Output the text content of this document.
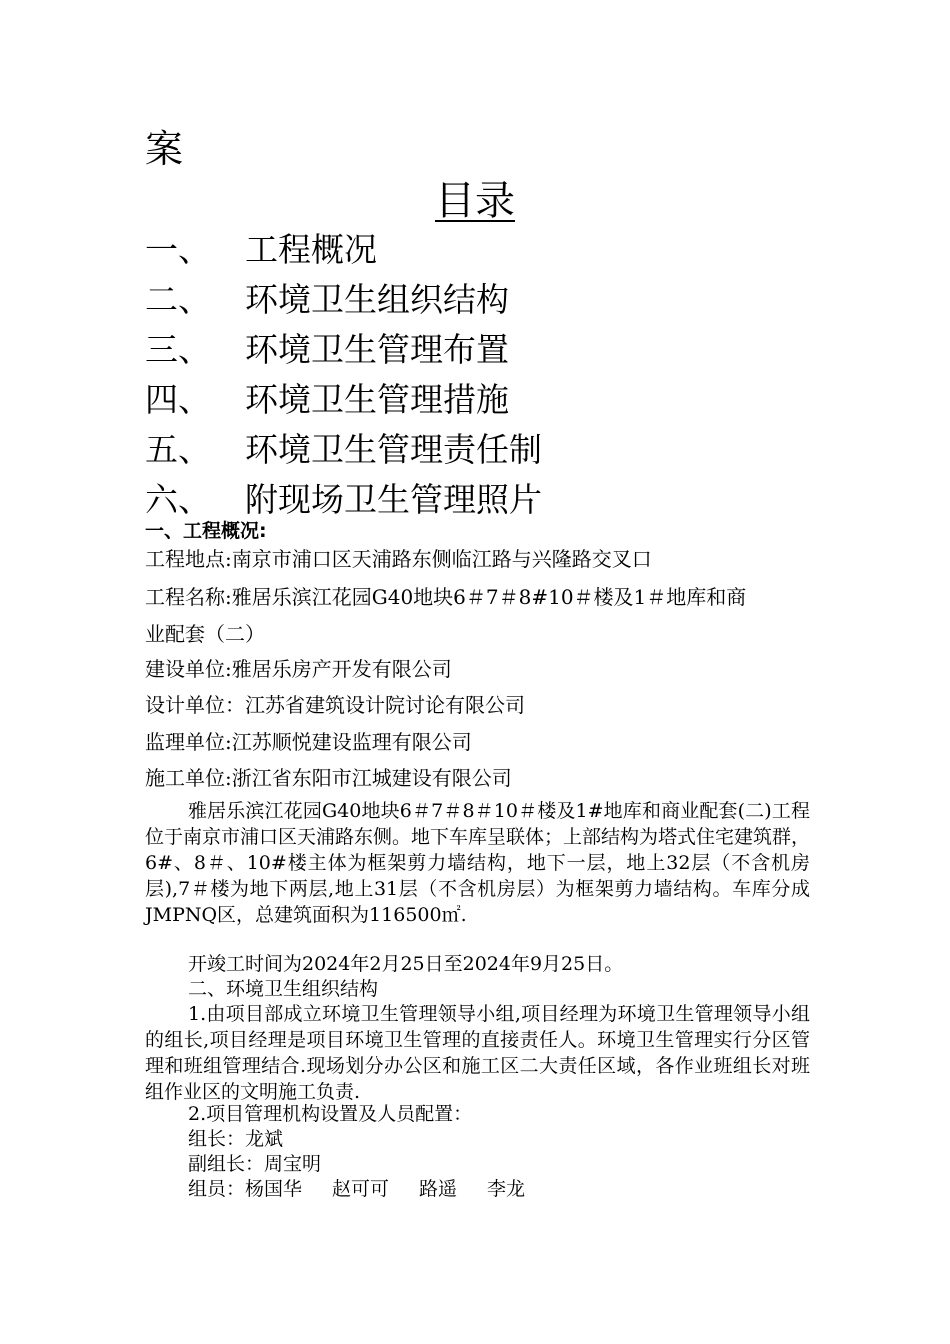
案
目录
一、 工程概况
二、 环境卫生组织结构
三、 环境卫生管理布置
四、 环境卫生管理措施
五、 环境卫生管理责任制
六、 附现场卫生管理照片
一、工程概况:
工程地点:南京市浦口区天浦路东侧临江路与兴隆路交叉口
工程名称:雅居乐滨江花园G40地块6＃7＃8#10＃楼及1＃地库和商
业配套（二）
建设单位:雅居乐房产开发有限公司
设计单位：江苏省建筑设计院讨论有限公司
监理单位:江苏顺悦建设监理有限公司
施工单位:浙江省东阳市江城建设有限公司
雅居乐滨江花园G40地块6＃7＃8＃10＃楼及1#地库和商业配套(二)工程位于南京市浦口区天浦路东侧。地下车库呈联体；上部结构为塔式住宅建筑群，6#、8＃、10#楼主体为框架剪力墙结构，地下一层，地上32层（不含机房层),7＃楼为地下两层,地上31层（不含机房层）为框架剪力墙结构。车库分成JMPNQ区，总建筑面积为116500㎡.
开竣工时间为2024年2月25日至2024年9月25日。
二、环境卫生组织结构
1.由项目部成立环境卫生管理领导小组,项目经理为环境卫生管理领导小组的组长,项目经理是项目环境卫生管理的直接责任人。环境卫生管理实行分区管理和班组管理结合.现场划分办公区和施工区二大责任区域，各作业班组长对班组作业区的文明施工负责.
2.项目管理机构设置及人员配置：
组长：龙斌
副组长：周宝明
组员：杨国华 赵可可 路遥 李龙
